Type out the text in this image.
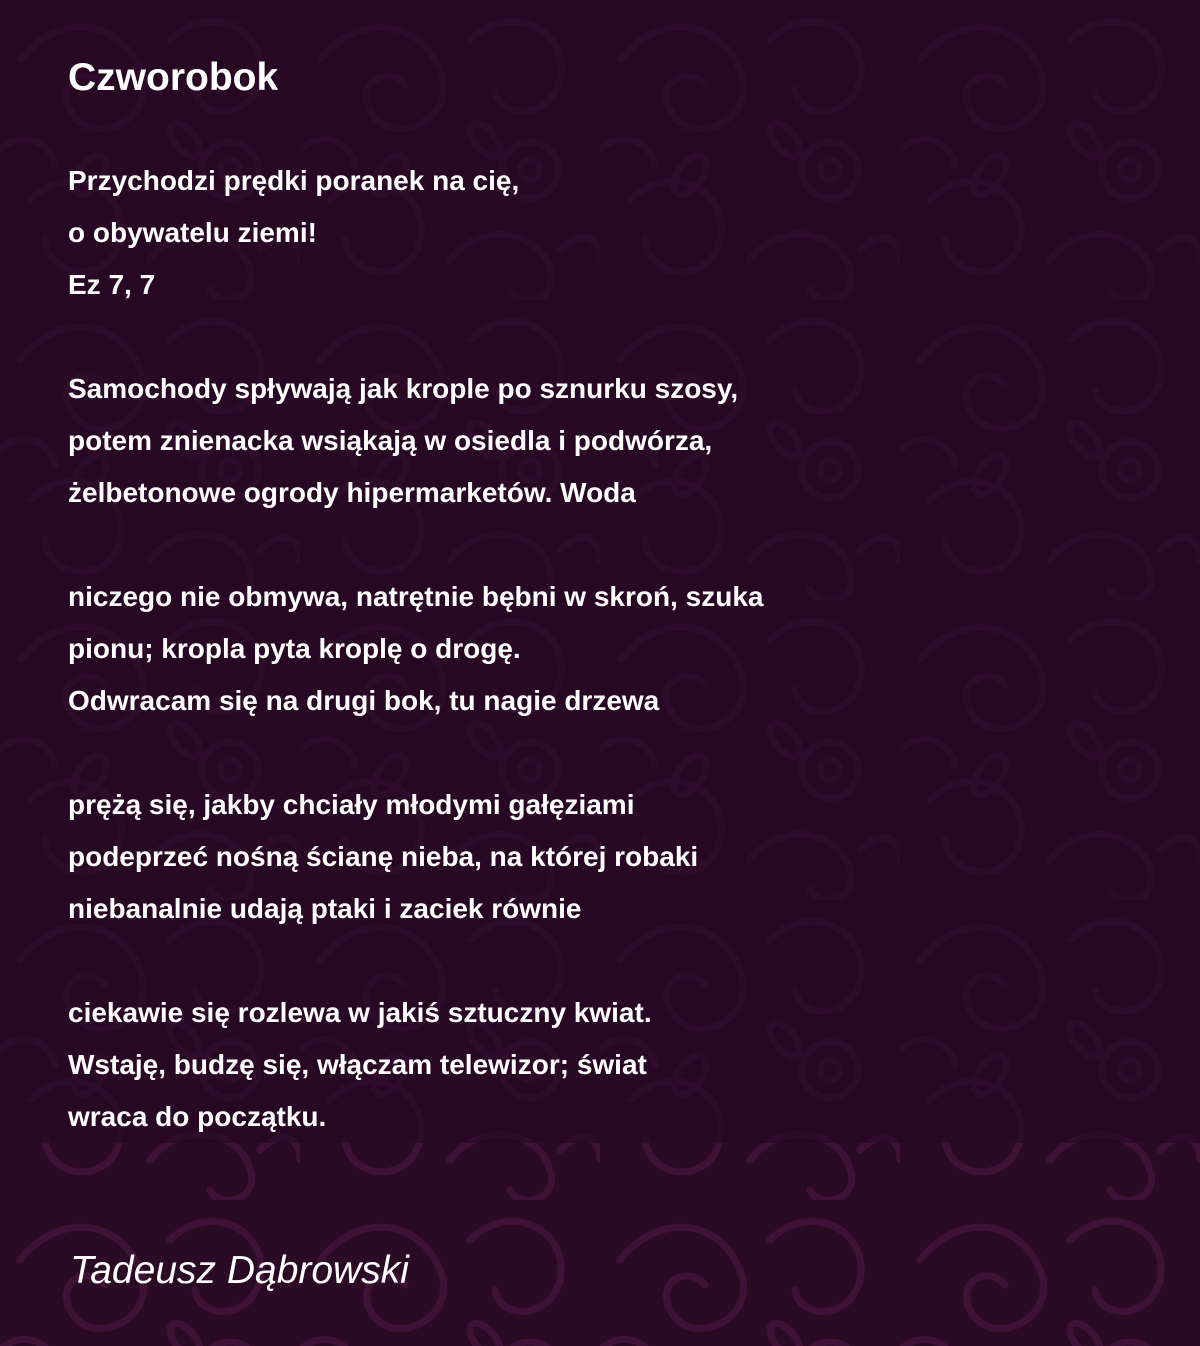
Czworobok
Przychodzi prędki poranek na cię,
o obywatelu ziemi!
Ez 7, 7
Samochody spływają jak krople po sznurku szosy,
potem znienacka wsiąkają w osiedla i podwórza,
żelbetonowe ogrody hipermarketów. Woda
niczego nie obmywa, natrętnie bębni w skroń, szuka
pionu; kropla pyta kroplę o drogę.
Odwracam się na drugi bok, tu nagie drzewa
prężą się, jakby chciały młodymi gałęziami
podeprzeć nośną ścianę nieba, na której robaki
niebanalnie udają ptaki i zaciek równie
ciekawie się rozlewa w jakiś sztuczny kwiat.
Wstaję, budzę się, włączam telewizor; świat
wraca do początku.

Tadeusz Dąbrowski
